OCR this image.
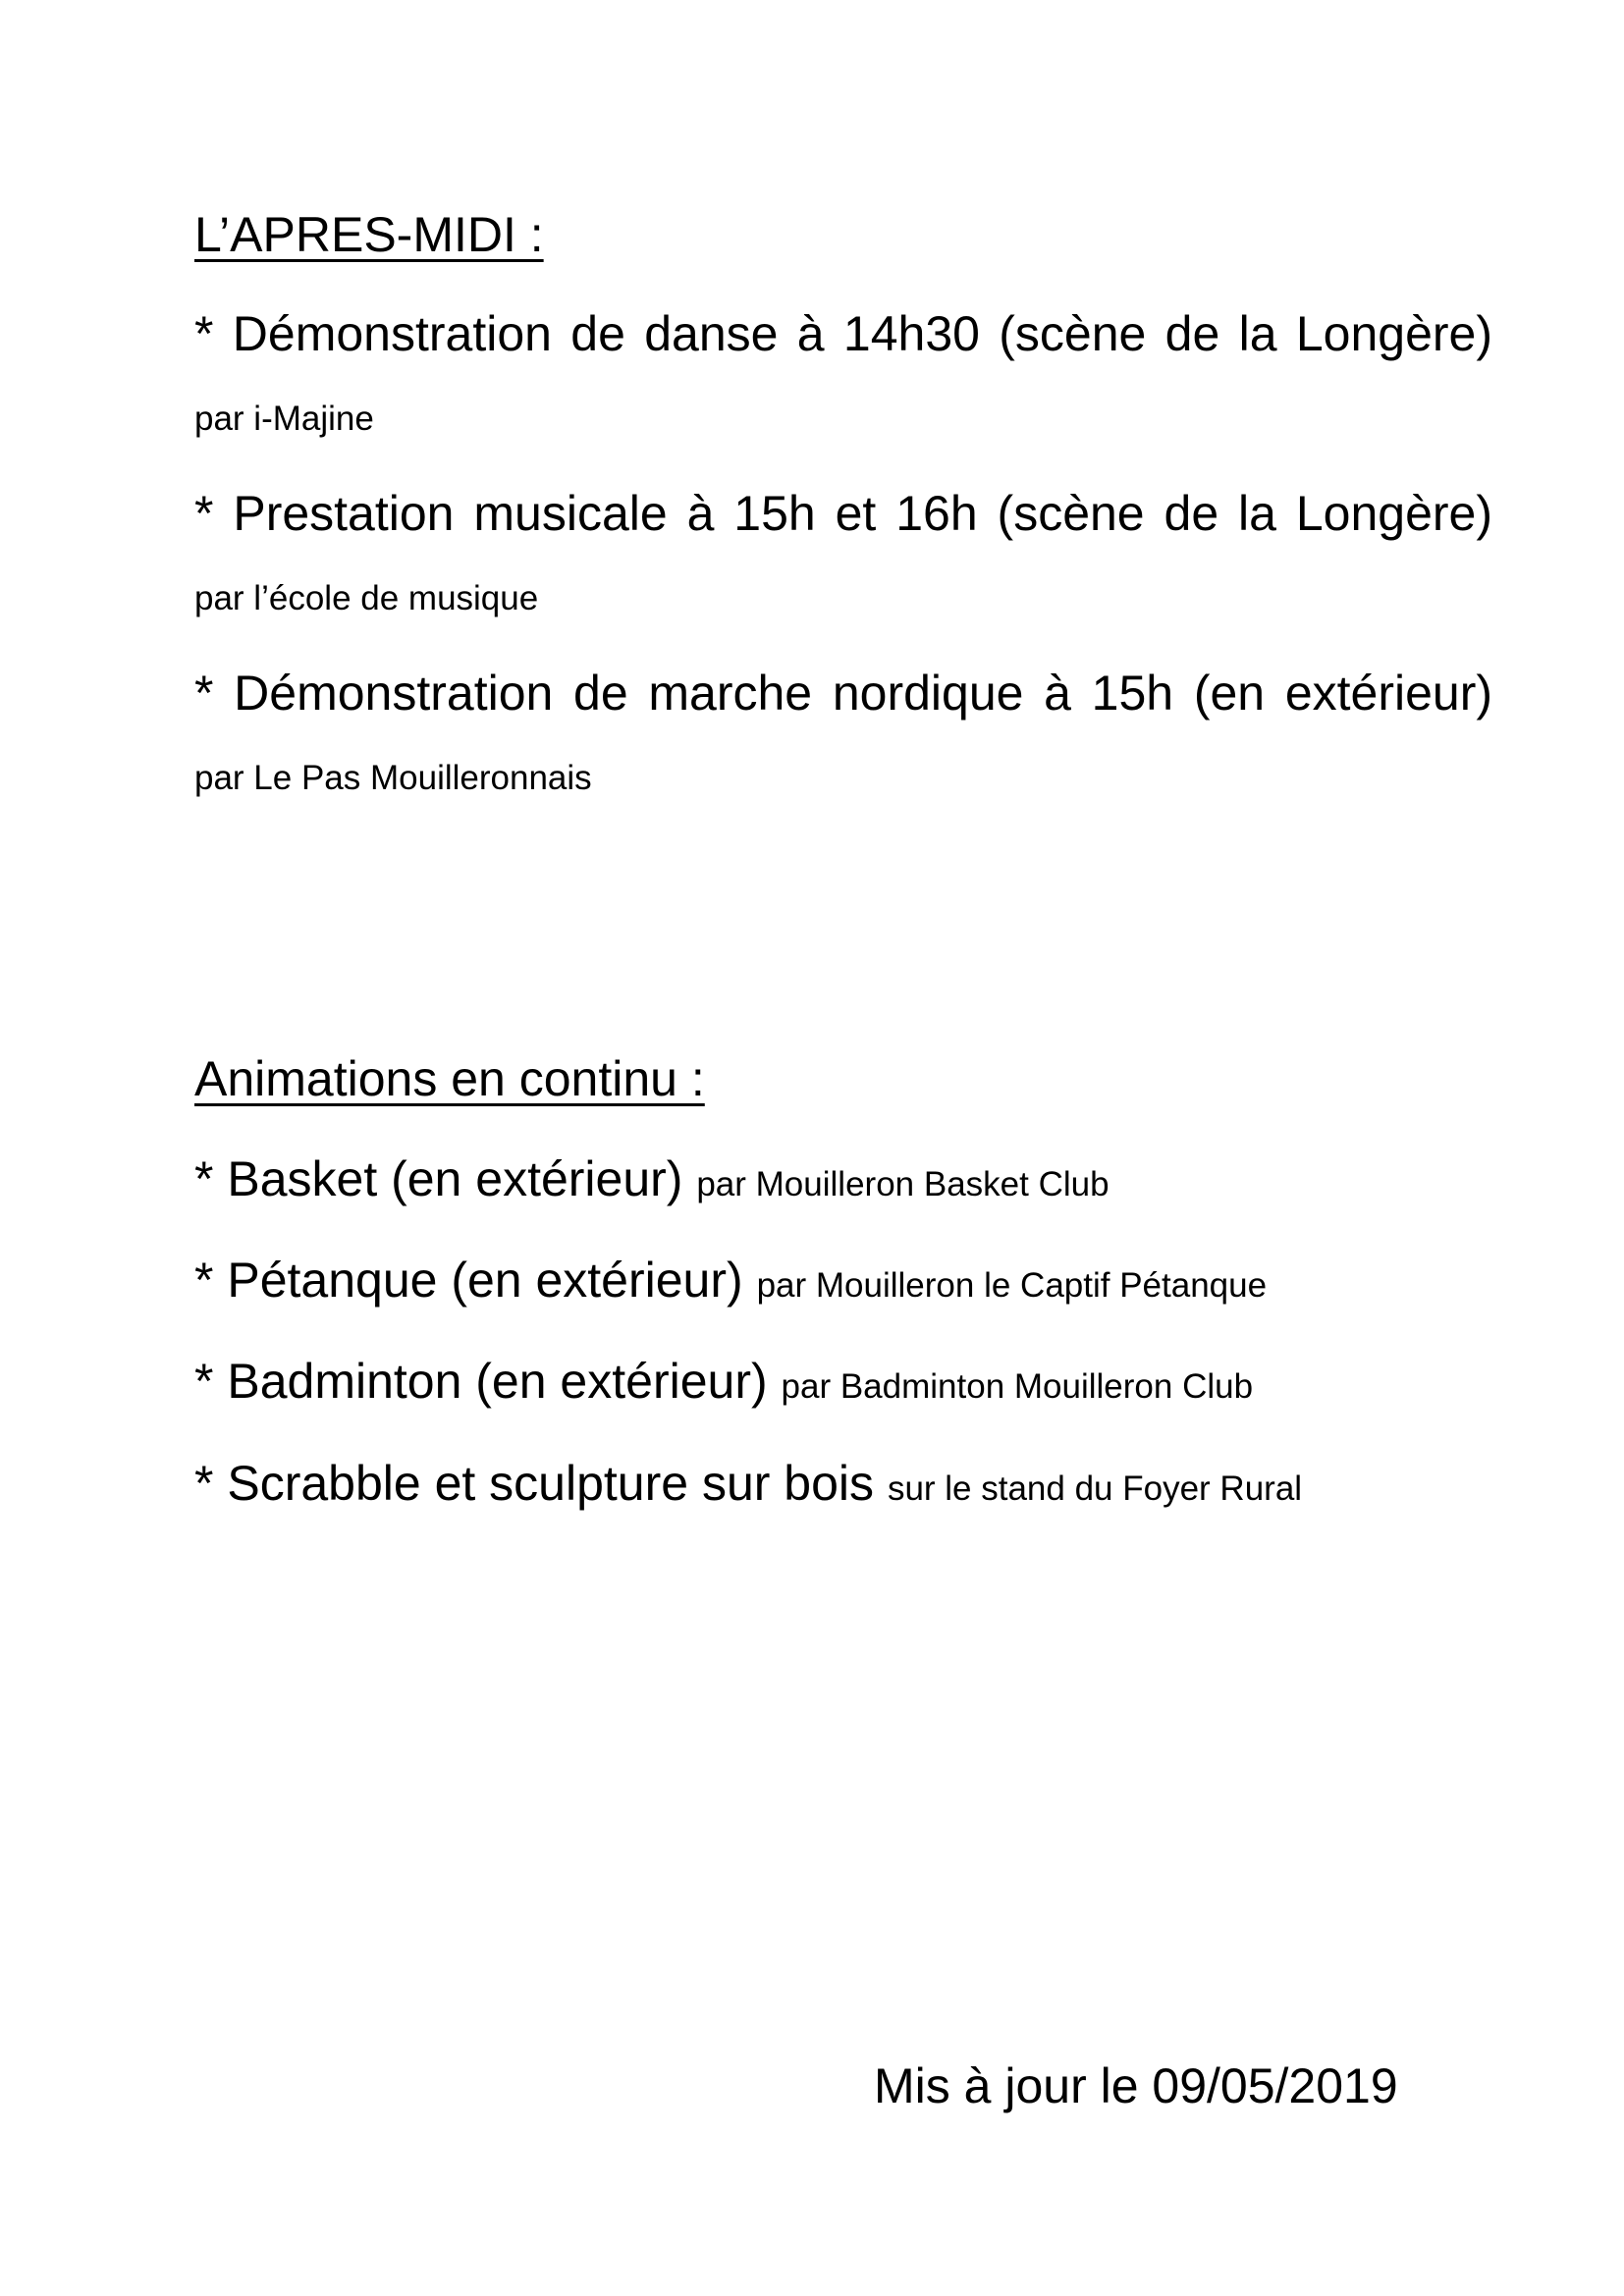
L’APRES-MIDI :

* Démonstration de danse à 14h30 (scène de la Longère) par i-Majine

* Prestation musicale à 15h et 16h (scène de la Longère) par l’école de musique

* Démonstration de marche nordique à 15h (en extérieur) par Le Pas Mouilleronnais

Animations en continu :

* Basket (en extérieur) par Mouilleron Basket Club

* Pétanque (en extérieur) par Mouilleron le Captif Pétanque

* Badminton (en extérieur) par Badminton Mouilleron Club

* Scrabble et sculpture sur bois sur le stand du Foyer Rural

Mis à jour le 09/05/2019
